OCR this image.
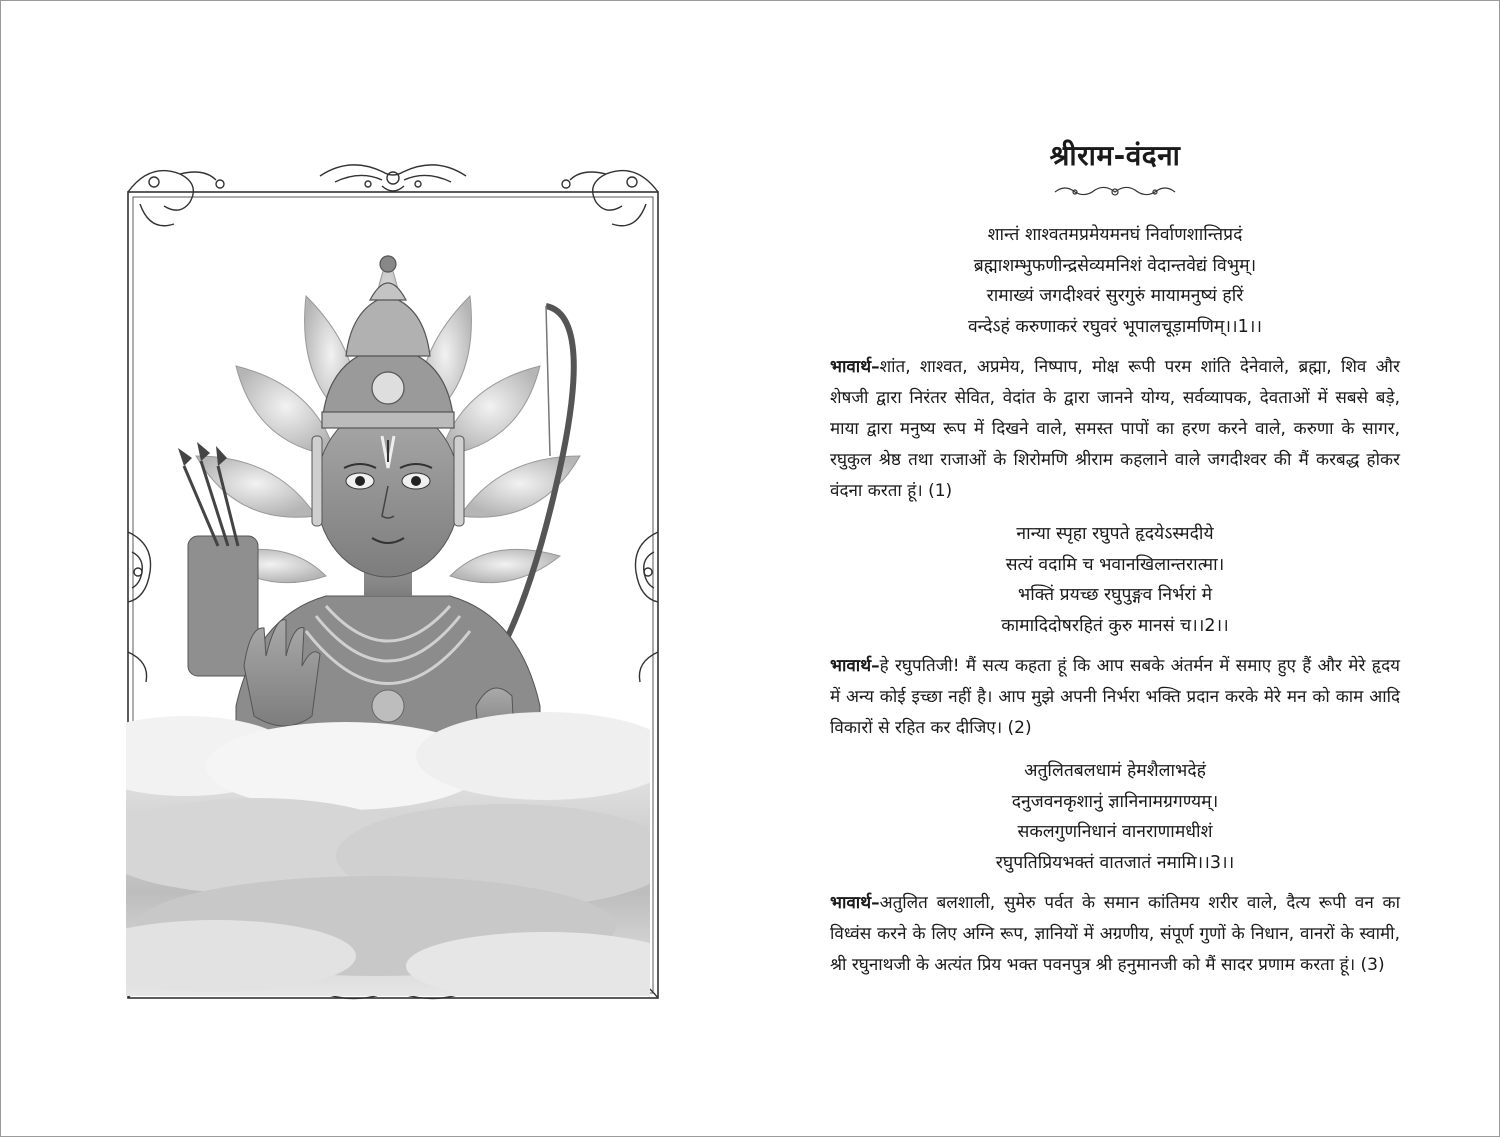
श्रीराम-वंदना
शान्तं शाश्वतमप्रमेयमनघं निर्वाणशान्तिप्रदं
ब्रह्माशम्भुफणीन्द्रसेव्यमनिशं वेदान्तवेद्यं विभुम्।
रामाख्यं जगदीश्वरं सुरगुरुं मायामनुष्यं हरिं
वन्देऽहं करुणाकरं रघुवरं भूपालचूड़ामणिम्।।1।।

भावार्थ–शांत, शाश्वत, अप्रमेय, निष्पाप, मोक्ष रूपी परम शांति देनेवाले, ब्रह्मा, शिव और शेषजी द्वारा निरंतर सेवित, वेदांत के द्वारा जानने योग्य, सर्वव्यापक, देवताओं में सबसे बड़े, माया द्वारा मनुष्य रूप में दिखने वाले, समस्त पापों का हरण करने वाले, करुणा के सागर, रघुकुल श्रेष्ठ तथा राजाओं के शिरोमणि श्रीराम कहलाने वाले जगदीश्वर की मैं करबद्ध होकर वंदना करता हूं। (1)

नान्या स्पृहा रघुपते हृदयेऽस्मदीये
सत्यं वदामि च भवानखिलान्तरात्मा।
भक्तिं प्रयच्छ रघुपुङ्गव निर्भरां मे
कामादिदोषरहितं कुरु मानसं च।।2।।

भावार्थ–हे रघुपतिजी! मैं सत्य कहता हूं कि आप सबके अंतर्मन में समाए हुए हैं और मेरे हृदय में अन्य कोई इच्छा नहीं है। आप मुझे अपनी निर्भरा भक्ति प्रदान करके मेरे मन को काम आदि विकारों से रहित कर दीजिए। (2)

अतुलितबलधामं हेमशैलाभदेहं
दनुजवनकृशानुं ज्ञानिनामग्रगण्यम्।
सकलगुणनिधानं वानराणामधीशं
रघुपतिप्रियभक्तं वातजातं नमामि।।3।।

भावार्थ–अतुलित बलशाली, सुमेरु पर्वत के समान कांतिमय शरीर वाले, दैत्य रूपी वन का विध्वंस करने के लिए अग्नि रूप, ज्ञानियों में अग्रणीय, संपूर्ण गुणों के निधान, वानरों के स्वामी, श्री रघुनाथजी के अत्यंत प्रिय भक्त पवनपुत्र श्री हनुमानजी को मैं सादर प्रणाम करता हूं। (3)
